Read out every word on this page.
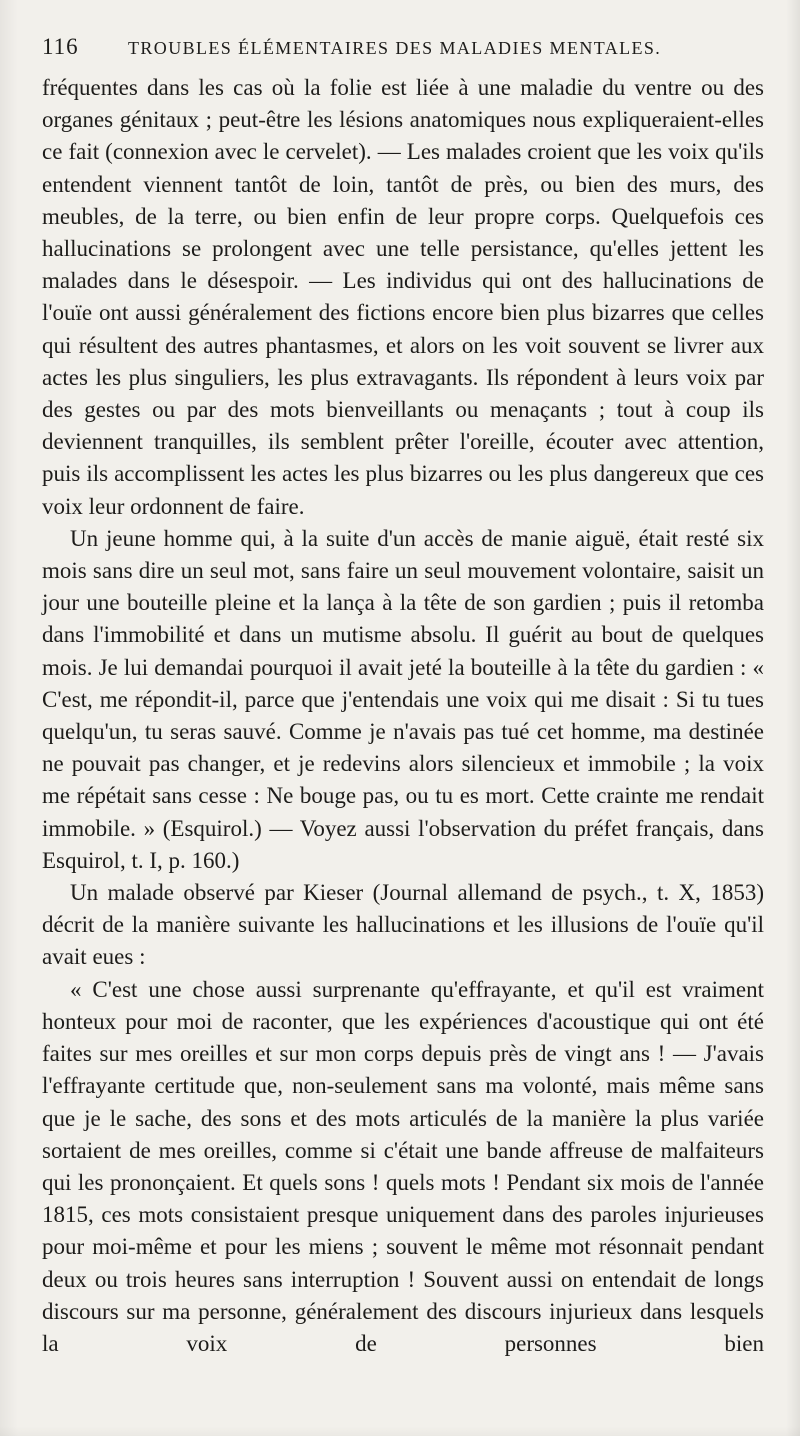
116	TROUBLES ÉLÉMENTAIRES DES MALADIES MENTALES.

fréquentes dans les cas où la folie est liée à une maladie du ventre ou des organes génitaux ; peut-être les lésions anatomiques nous expliqueraient-elles ce fait (connexion avec le cervelet). — Les malades croient que les voix qu'ils entendent viennent tantôt de loin, tantôt de près, ou bien des murs, des meubles, de la terre, ou bien enfin de leur propre corps. Quelquefois ces hallucinations se prolongent avec une telle persistance, qu'elles jettent les malades dans le désespoir. — Les individus qui ont des hallucinations de l'ouïe ont aussi généralement des fictions encore bien plus bizarres que celles qui résultent des autres phantasmes, et alors on les voit souvent se livrer aux actes les plus singuliers, les plus extravagants. Ils répondent à leurs voix par des gestes ou par des mots bienveillants ou menaçants ; tout à coup ils deviennent tranquilles, ils semblent prêter l'oreille, écouter avec attention, puis ils accomplissent les actes les plus bizarres ou les plus dangereux que ces voix leur ordonnent de faire.

Un jeune homme qui, à la suite d'un accès de manie aiguë, était resté six mois sans dire un seul mot, sans faire un seul mouvement volontaire, saisit un jour une bouteille pleine et la lança à la tête de son gardien ; puis il retomba dans l'immobilité et dans un mutisme absolu. Il guérit au bout de quelques mois. Je lui demandai pourquoi il avait jeté la bouteille à la tête du gardien : « C'est, me répondit-il, parce que j'entendais une voix qui me disait : Si tu tues quelqu'un, tu seras sauvé. Comme je n'avais pas tué cet homme, ma destinée ne pouvait pas changer, et je redevins alors silencieux et immobile ; la voix me répétait sans cesse : Ne bouge pas, ou tu es mort. Cette crainte me rendait immobile. » (Esquirol.) — Voyez aussi l'observation du préfet français, dans Esquirol, t. I, p. 160.)

Un malade observé par Kieser (Journal allemand de psych., t. X, 1853) décrit de la manière suivante les hallucinations et les illusions de l'ouïe qu'il avait eues :

« C'est une chose aussi surprenante qu'effrayante, et qu'il est vraiment honteux pour moi de raconter, que les expériences d'acoustique qui ont été faites sur mes oreilles et sur mon corps depuis près de vingt ans ! — J'avais l'effrayante certitude que, non-seulement sans ma volonté, mais même sans que je le sache, des sons et des mots articulés de la manière la plus variée sortaient de mes oreilles, comme si c'était une bande affreuse de malfaiteurs qui les prononçaient. Et quels sons ! quels mots ! Pendant six mois de l'année 1815, ces mots consistaient presque uniquement dans des paroles injurieuses pour moi-même et pour les miens ; souvent le même mot résonnait pendant deux ou trois heures sans interruption ! Souvent aussi on entendait de longs discours sur ma personne, généralement des discours injurieux dans lesquels la voix de personnes bien
